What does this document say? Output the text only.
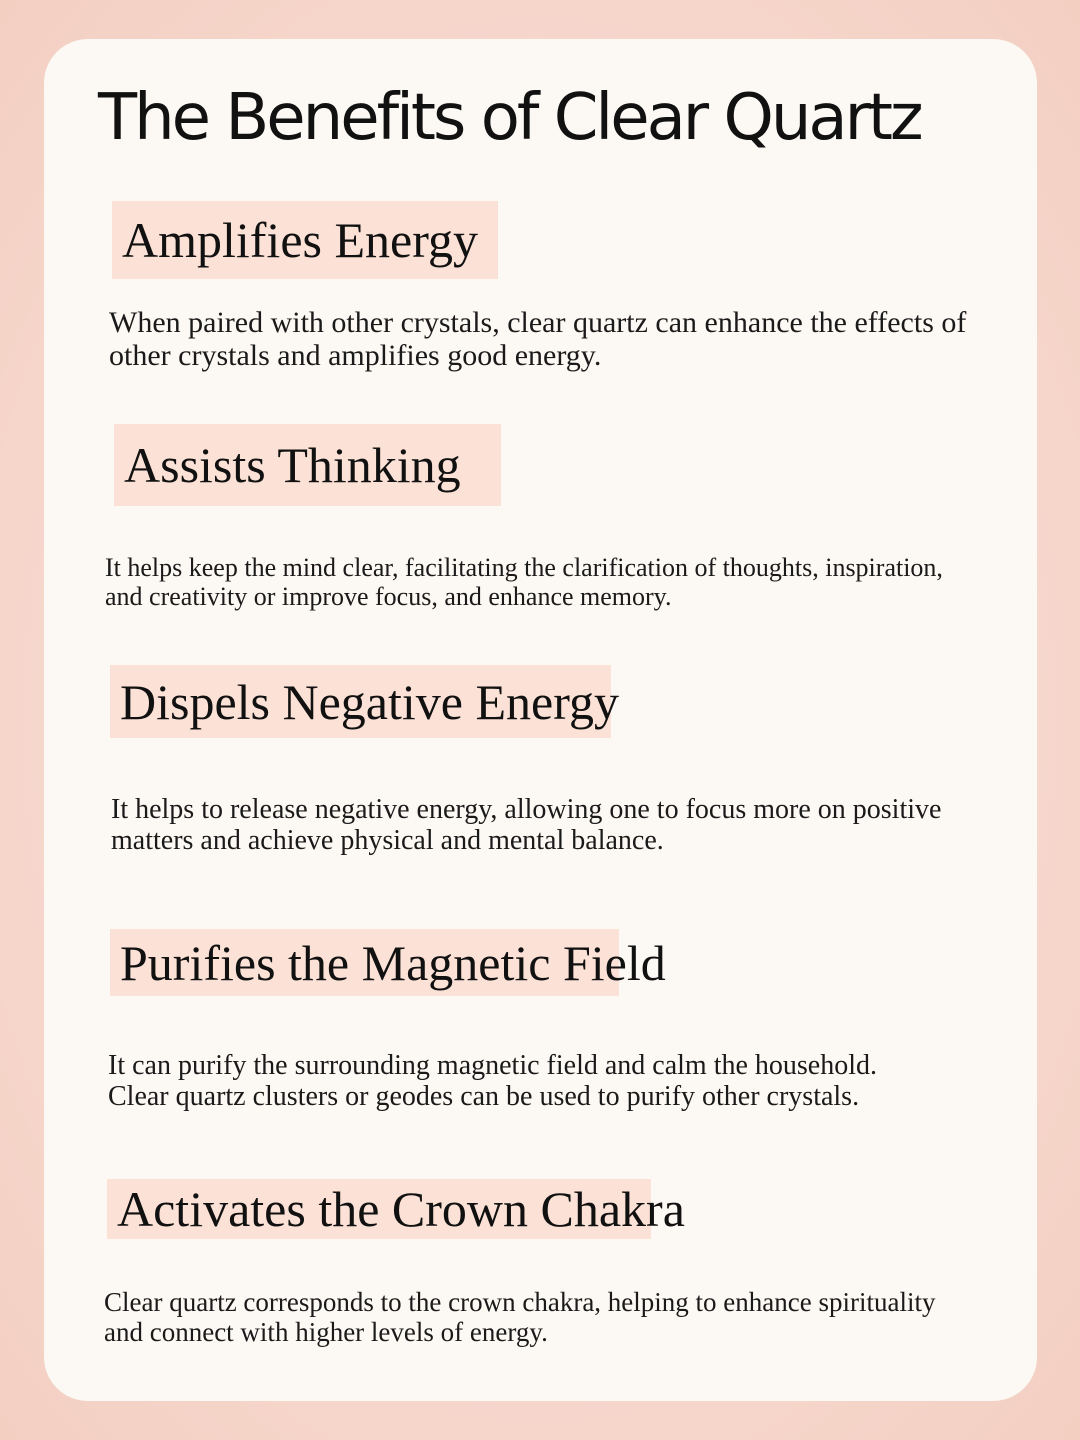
The Benefits of Clear Quartz
Amplifies Energy
When paired with other crystals, clear quartz can enhance the effects of
other crystals and amplifies good energy.
Assists Thinking
It helps keep the mind clear, facilitating the clarification of thoughts, inspiration,
and creativity or improve focus, and enhance memory.
Dispels Negative Energy
It helps to release negative energy, allowing one to focus more on positive
matters and achieve physical and mental balance.
Purifies the Magnetic Field
It can purify the surrounding magnetic field and calm the household.
Clear quartz clusters or geodes can be used to purify other crystals.
Activates the Crown Chakra
Clear quartz corresponds to the crown chakra, helping to enhance spirituality
and connect with higher levels of energy.
